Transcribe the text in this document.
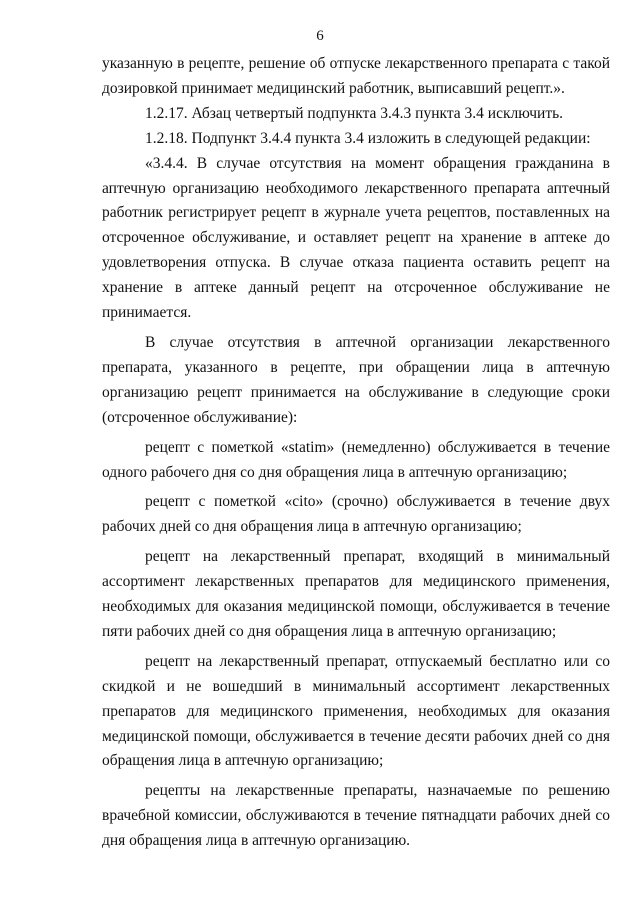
6

указанную в рецепте, решение об отпуске лекарственного препарата с такой дозировкой принимает медицинский работник, выписавший рецепт.».

1.2.17. Абзац четвертый подпункта 3.4.3 пункта 3.4 исключить.

1.2.18. Подпункт 3.4.4 пункта 3.4 изложить в следующей редакции:

«3.4.4. В случае отсутствия на момент обращения гражданина в аптечную организацию необходимого лекарственного препарата аптечный работник регистрирует рецепт в журнале учета рецептов, поставленных на отсроченное обслуживание, и оставляет рецепт на хранение в аптеке до удовлетворения отпуска. В случае отказа пациента оставить рецепт на хранение в аптеке данный рецепт на отсроченное обслуживание не принимается.

В случае отсутствия в аптечной организации лекарственного препарата, указанного в рецепте, при обращении лица в аптечную организацию рецепт принимается на обслуживание в следующие сроки (отсроченное обслуживание):

рецепт с пометкой «statim» (немедленно) обслуживается в течение одного рабочего дня со дня обращения лица в аптечную организацию;

рецепт с пометкой «cito» (срочно) обслуживается в течение двух рабочих дней со дня обращения лица в аптечную организацию;

рецепт на лекарственный препарат, входящий в минимальный ассортимент лекарственных препаратов для медицинского применения, необходимых для оказания медицинской помощи, обслуживается в течение пяти рабочих дней со дня обращения лица в аптечную организацию;

рецепт на лекарственный препарат, отпускаемый бесплатно или со скидкой и не вошедший в минимальный ассортимент лекарственных препаратов для медицинского применения, необходимых для оказания медицинской помощи, обслуживается в течение десяти рабочих дней со дня обращения лица в аптечную организацию;

рецепты на лекарственные препараты, назначаемые по решению врачебной комиссии, обслуживаются в течение пятнадцати рабочих дней со дня обращения лица в аптечную организацию.
